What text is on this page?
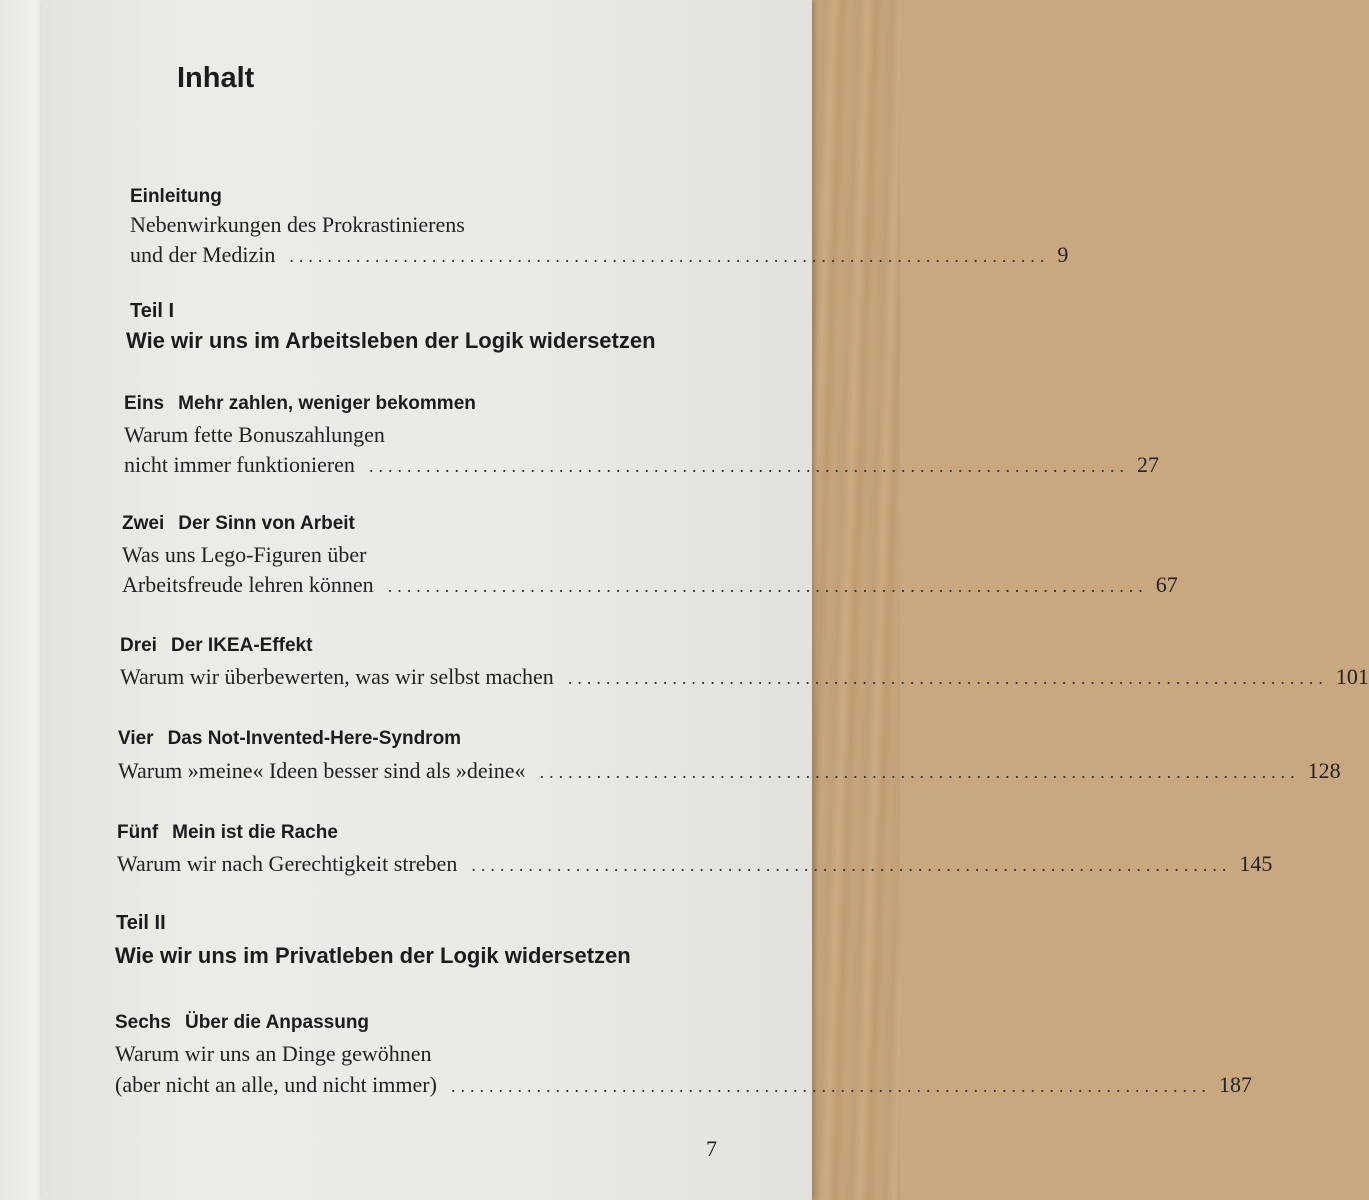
Inhalt
Einleitung
Nebenwirkungen des Prokrastinierens
und der Medizin ................................................................................ 9
Teil I
Wie wir uns im Arbeitsleben der Logik widersetzen
Eins Mehr zahlen, weniger bekommen
Warum fette Bonuszahlungen
nicht immer funktionieren ................................................................................ 27
Zwei Der Sinn von Arbeit
Was uns Lego-Figuren über
Arbeitsfreude lehren können ................................................................................ 67
Drei Der IKEA-Effekt
Warum wir überbewerten, was wir selbst machen ................................................................................ 101
Vier Das Not-Invented-Here-Syndrom
Warum »meine« Ideen besser sind als »deine« ................................................................................ 128
Fünf Mein ist die Rache
Warum wir nach Gerechtigkeit streben ................................................................................ 145
Teil II
Wie wir uns im Privatleben der Logik widersetzen
Sechs Über die Anpassung
Warum wir uns an Dinge gewöhnen
(aber nicht an alle, und nicht immer) ................................................................................ 187
7
